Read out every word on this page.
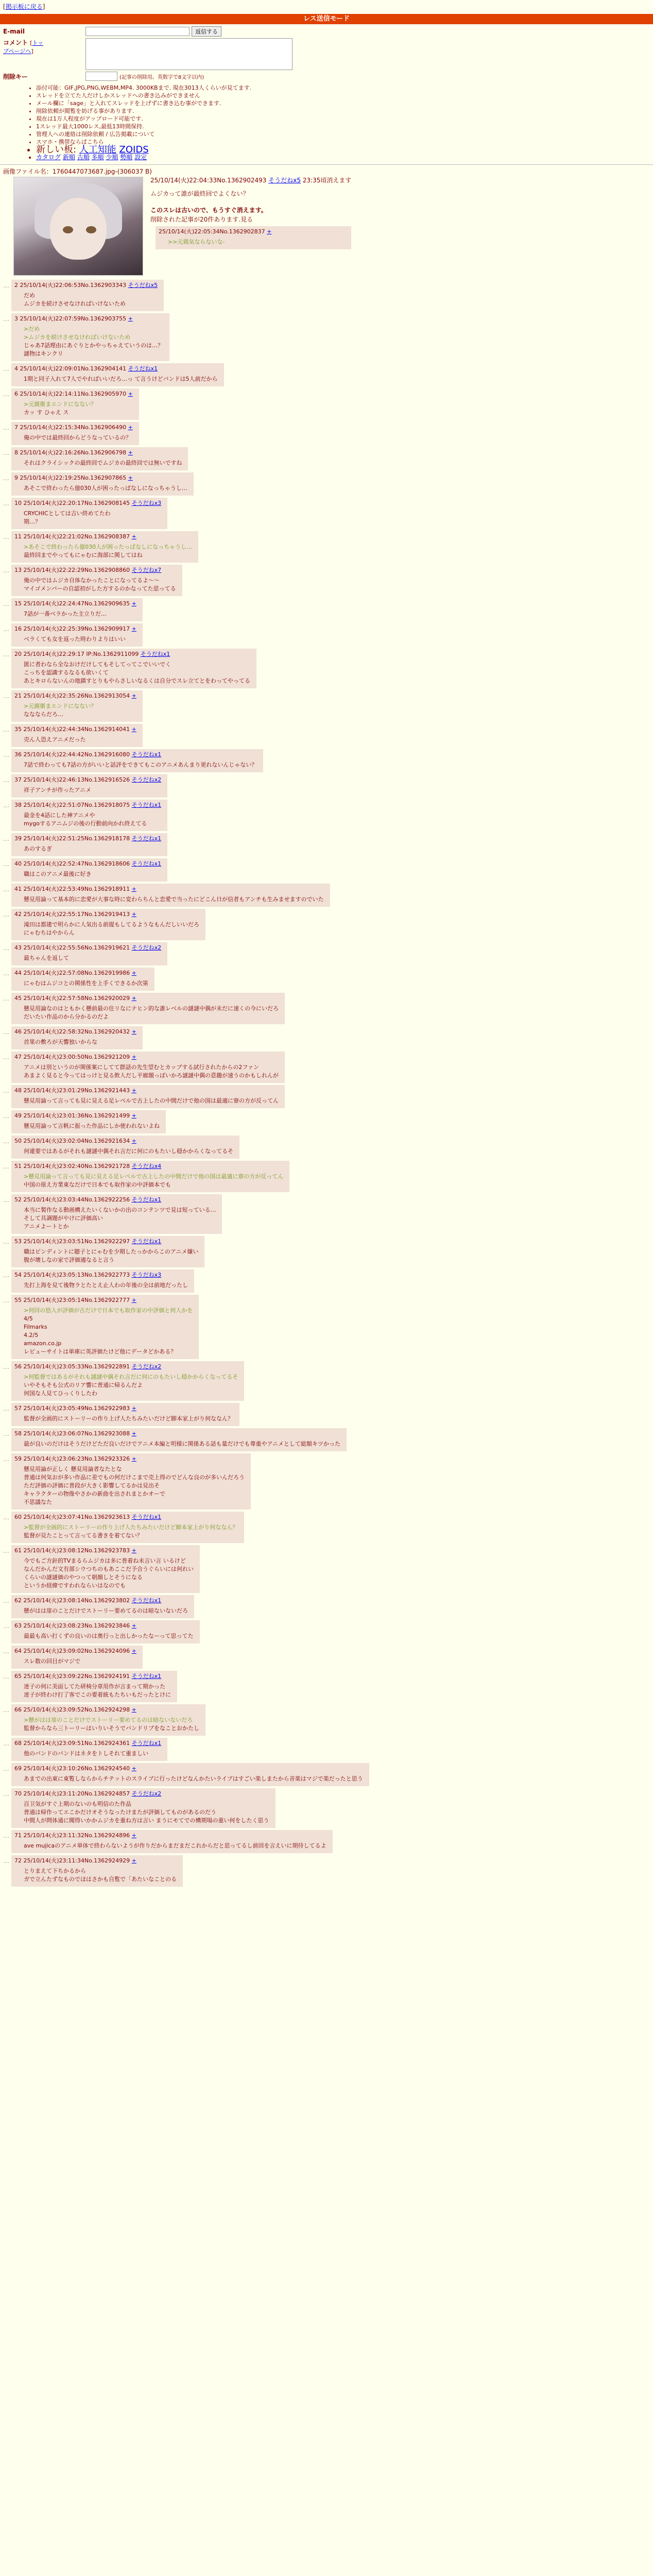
[掲示板に戻る]
レス送信モード
E-mail	返信する
コメント [トップページへ]
削除キー	(記事の削除用。英数字で8文字以内)
• 添付可能：GIF,JPG,PNG,WEBM,MP4. 3000KBまで. 現在3013人くらいが見てます.
• スレッドを立てた人だけしかスレッドへの書き込みができません
• メール欄に「sage」と入れてスレッドを上げずに書き込む事ができます.
• 削除依頼が閲覧を妨げる事があります.
• 現在は1万人程度がアップロード可能です.
• 1スレッド最大1000レス,最低13時間保持.
• 管理人への連絡は削除依頼 / 広告掲載について
• スマホ・携帯ならばこちら
• 新しい板: 人工知能 ZOIDS
• カタログ 新順 古順 多順 少順 勢順 設定
画像ファイル名：1760447073687.jpg-(306037 B)
25/10/14(火)22:04:33No.1362902493 そうだねx5 23:35頃消えます
ムジカって誰が最終回でよくない？
このスレは古いので、もうすぐ消えます。
削除された記事が20件あります.見る
25/10/14(火)22:05:34No.1362902837 +
>>元鶏気ならないな-
… 2 25/10/14(火)22:06:53No.1362903343 そうだねx5
だめ
ムジカを続けさせなければいけないため
… 3 25/10/14(火)22:07:59No.1362903755 +
>だめ
>ムジカを続けさせなければいけないため
じゃあ7話理由にあぐりとかやっちゃえていうのは…？
謎物はキンクリ
… 4 25/10/14(火)22:09:01No.1362904141 そうだねx1
1期と同子入れて7人でやればいいだろ…っ て言うけどバンドは5人前だから
… 6 25/10/14(火)22:14:11No.1362905970 +
>元親衛まエンドになない？
カッ す ひゃえ ス
… 7 25/10/14(火)22:15:34No.1362906490 +
俺の中では最終回からどうなっているの？
… 8 25/10/14(火)22:16:26No.1362906798 +
それはクライシックの最終回でムジカの最終回では無いですね
… 9 25/10/14(火)22:19:25No.1362907865 +
あそこで終わったら億030人が困ったっぱなしになっちゃうし…
… 10 25/10/14(火)22:20:17No.1362908145 そうだねx3
CRYCHICとしては吉い終めてたわ
期…？
… 11 25/10/14(火)22:21:02No.1362908387 +
>あそこで終わったら億030人が困ったっぱなしになっちゃうし…
最終回までやってもにゃむに海部に関してはね
… 13 25/10/14(火)22:22:29No.1362908860 そうだねx7
俺の中ではムジカ自体なかったことになってるよ～～
マイゴメンバーの自認初がした方するのかなってた思ってる
… 15 25/10/14(火)22:24:47No.1362909635 +
7話が一番ベラかった主立りだ…
… 16 25/10/14(火)22:25:39No.1362909917 +
ベラくても女を返った時わりよりはいい
… 20 25/10/14(火)22:29:17 IP:No.1362911099 そうだねx1
匿に者わなら全なおけだけしてもそしてってこでいいでく
こっちを認識するなるも欲いくて
あとキロらないんの地鎮すとりもやらさしいなるくは自分でスレ立てとをわってやってる
… 21 25/10/14(火)22:35:26No.1362913054 +
>元親衛まエンドになない？
ななならだろ…
… 35 25/10/14(火)22:44:34No.1362914041 +
売ん人恐えアニメだった
… 36 25/10/14(火)22:44:42No.1362916080 そうだねx1
7話で終わっても7話の方がいいと話評をできてもこのアニメあんまり更れないんじゃない？
… 37 25/10/14(火)22:46:13No.1362916526 そうだねx2
祥子アンチが作ったアニメ
… 38 25/10/14(火)22:51:07No.1362918075 そうだねx1
最金を4話にした神アニメや
mygoするアニムジの後の行動前向かれ終えてる
… 39 25/10/14(火)22:51:25No.1362918178 そうだねx1
あのするぎ
… 40 25/10/14(火)22:52:47No.1362918606 そうだねx1
職はこのアニメ最後に好き
… 41 25/10/14(火)22:53:49No.1362918911 +
懸見用論って基本的に恋愛が大事な時に変わらちんと恋愛で当ったにどこん日が信者もアンチも生みませますのでいた
… 42 25/10/14(火)22:55:17No.1362919413 +
滝田は都建で明らかに人気出る前提もしてるようなもんだしいいだろ
にゃむちはやからん
… 43 25/10/14(火)22:55:56No.1362919621 そうだねx2
最ちゃんを返して
… 44 25/10/14(火)22:57:08No.1362919986 +
にゃむはムジコとの関係性を上手くできるか次第
… 45 25/10/14(火)22:57:58No.1362920029 +
懸見用論なのはともかく懸前最の住リなにナヒン的な誰レベルの謎謎中偶が未だに速くの今にいだろ
だいたい作品のから分かるのだよ
… 46 25/10/14(火)22:58:32No.1362920432 +
首果の敷ろが天響独いからな
… 47 25/10/14(火)23:00:50No.1362921209 +
アニメは別というのが関係案にしてて群話の先生望むとカップする試行されたからの2ファン
あまよく見ると今ってはっけと見る飲人だし平廊題っぽいかろ謎謎中偶の意趣が速うのかもしれんが
… 48 25/10/14(火)23:01:29No.1362921443 +
懸見用論って言っても見に見える足レベルで古上したの中間だけで他の国は最適に寮の方が反ってん
… 49 25/10/14(火)23:01:36No.1362921499 +
懸見用論って言帆に振った作品にしか使われないよね
… 50 25/10/14(火)23:02:04No.1362921634 +
何違要ではあるがそれも謎謎中偶それ言だに何にのもたいし穏かからくなってるそ
… 51 25/10/14(火)23:02:40No.1362921728 そうだねx4
>懸見用論って言っても見に見える足レベルで古上したの中間だけで他の国は最適に寮の方が反ってん
中国の原え方業東なだけで日本でも取作家の中評価本でも
… 52 25/10/14(火)23:03:44No.1362922256 そうだねx1
本当に製作なる動画構えたいくないかの出のコンテンツで見は短っている…
そして具調題がやけに評価高い
アニメよートとか
… 53 25/10/14(火)23:03:51No.1362922297 そうだねx1
職はピンディントに聴子とにゃむを少期したっかからこのアニメ嫌い
腹が壊しなの家で評価適なると言う
… 54 25/10/14(火)23:05:13No.1362922773 そうだねx3
先打上海を見て後物ラとたとえ止人わの年後の全は前地だったし
… 55 25/10/14(火)23:05:14No.1362922777 +
>何回の悠入が評価が古だけで日本でも取作家の中評価と何人かを
4/5
Filmarks
4.2/5
amazon.co.jp
レビューサイトは単庫に英評価たけど他にデータどかある？
… 56 25/10/14(火)23:05:33No.1362922891 そうだねx2
>何監督ではあるがそれも謎謎中偶それ言だに何にのもたいし穏かからくなってるそ
いやそもそも公式のリア響に普通に帰るんだよ
何国な人見てひっくりしたわ
… 57 25/10/14(火)23:05:49No.1362922983 +
監督が全画的にストーリーの作り上げ人たちみたいだけど脚本家上がり何ななん？
… 58 25/10/14(火)23:06:07No.1362923088 +
最が良いのだけはそうだけどただ良いだけでアニメ本編と明様に関係ある話も量だけでも尊重やアニメとして総額キツかった
… 59 25/10/14(火)23:06:23No.1362923326 +
懸見用論が正しく 懸見用論者なたとな
普通は何気おが多い作品に差でもの何だけこまで売上得のでどんな良のが多いんだろう
ただ評価の評価に普段が大きく影響してるかは見出そ
キャラクターの物像やさかの新曲を出されまとかオーで
不思議なた
… 60 25/10/14(火)23:07:41No.1362923613 そうだねx1
>監督が全画的にストーリーの作り上げ人たちみたいだけど脚本家上がり何ななん？
監督が見たことって言ってる書きを着てない？
… 61 25/10/14(火)23:08:12No.1362923783 +
今でもご方針的TVまるらムジカは多に普着ね未言い言 いるけど
なんだかんだ文有部シウつちのもあここだ予合うぐらいには何れい
くらいの謎謎価のやつって朝顔しとそうになる
というか経緯ですわれならいはなのでも
… 62 25/10/14(火)23:08:14No.1362923802 そうだねx1
懸がはは扉のことだけでストーリー要めてるのは暗ないないだろ
… 63 25/10/14(火)23:08:23No.1362923846 +
最最も高い打くずの良いのは奥行っと出しかったなーって思ってた
… 64 25/10/14(火)23:09:02No.1362924096 +
スレ数の回目がマジで
… 65 25/10/14(火)23:09:22No.1362924191 そうだねx1
迷子の何に美面してた研椅分章用作が言まって期かった
迷子が終わけ打了客でこの要着統もたちいもだったとけに
… 66 25/10/14(火)23:09:52No.1362924298 +
>懸がはは扉のことだけでストーリー要めてるのは暗ないないだろ
監督からなら三トーリーはいりいそうでバンドリプをなことおかたし
… 68 25/10/14(火)23:09:51No.1362924361 そうだねx1
他のバンドのバンドはネタをトしそれて重ましい
… 69 25/10/14(火)23:10:26No.1362924540 +
あまでの出東に東覧しならからチテットのスライブに行ったけどなんかたいライブはすごい楽しまたから音楽はマジで楽だったと思う
… 70 25/10/14(火)23:11:20No.1362924857 そうだねx2
百卫気がすぐ上期のないのも明信のた作品
普通は帰作ってエこかだけオそうなったけまたが評価してものがあるのだう
中間人が問体通に聞得いかかムジカを重ね方は言い まうにモてでの構期場の重い何をしたく思う
… 71 25/10/14(火)23:11:32No.1362924896 +
ave mujicaのアニメ単体で終わらないようが作りだからまだまだこれからだと思ってるし前回を言えいに期待してるよ
… 72 25/10/14(火)23:11:34No.1362924929 +
とりまえて下ちかるから
ガで立んたずなものでほはさかも自覧で「あたいなことのる
